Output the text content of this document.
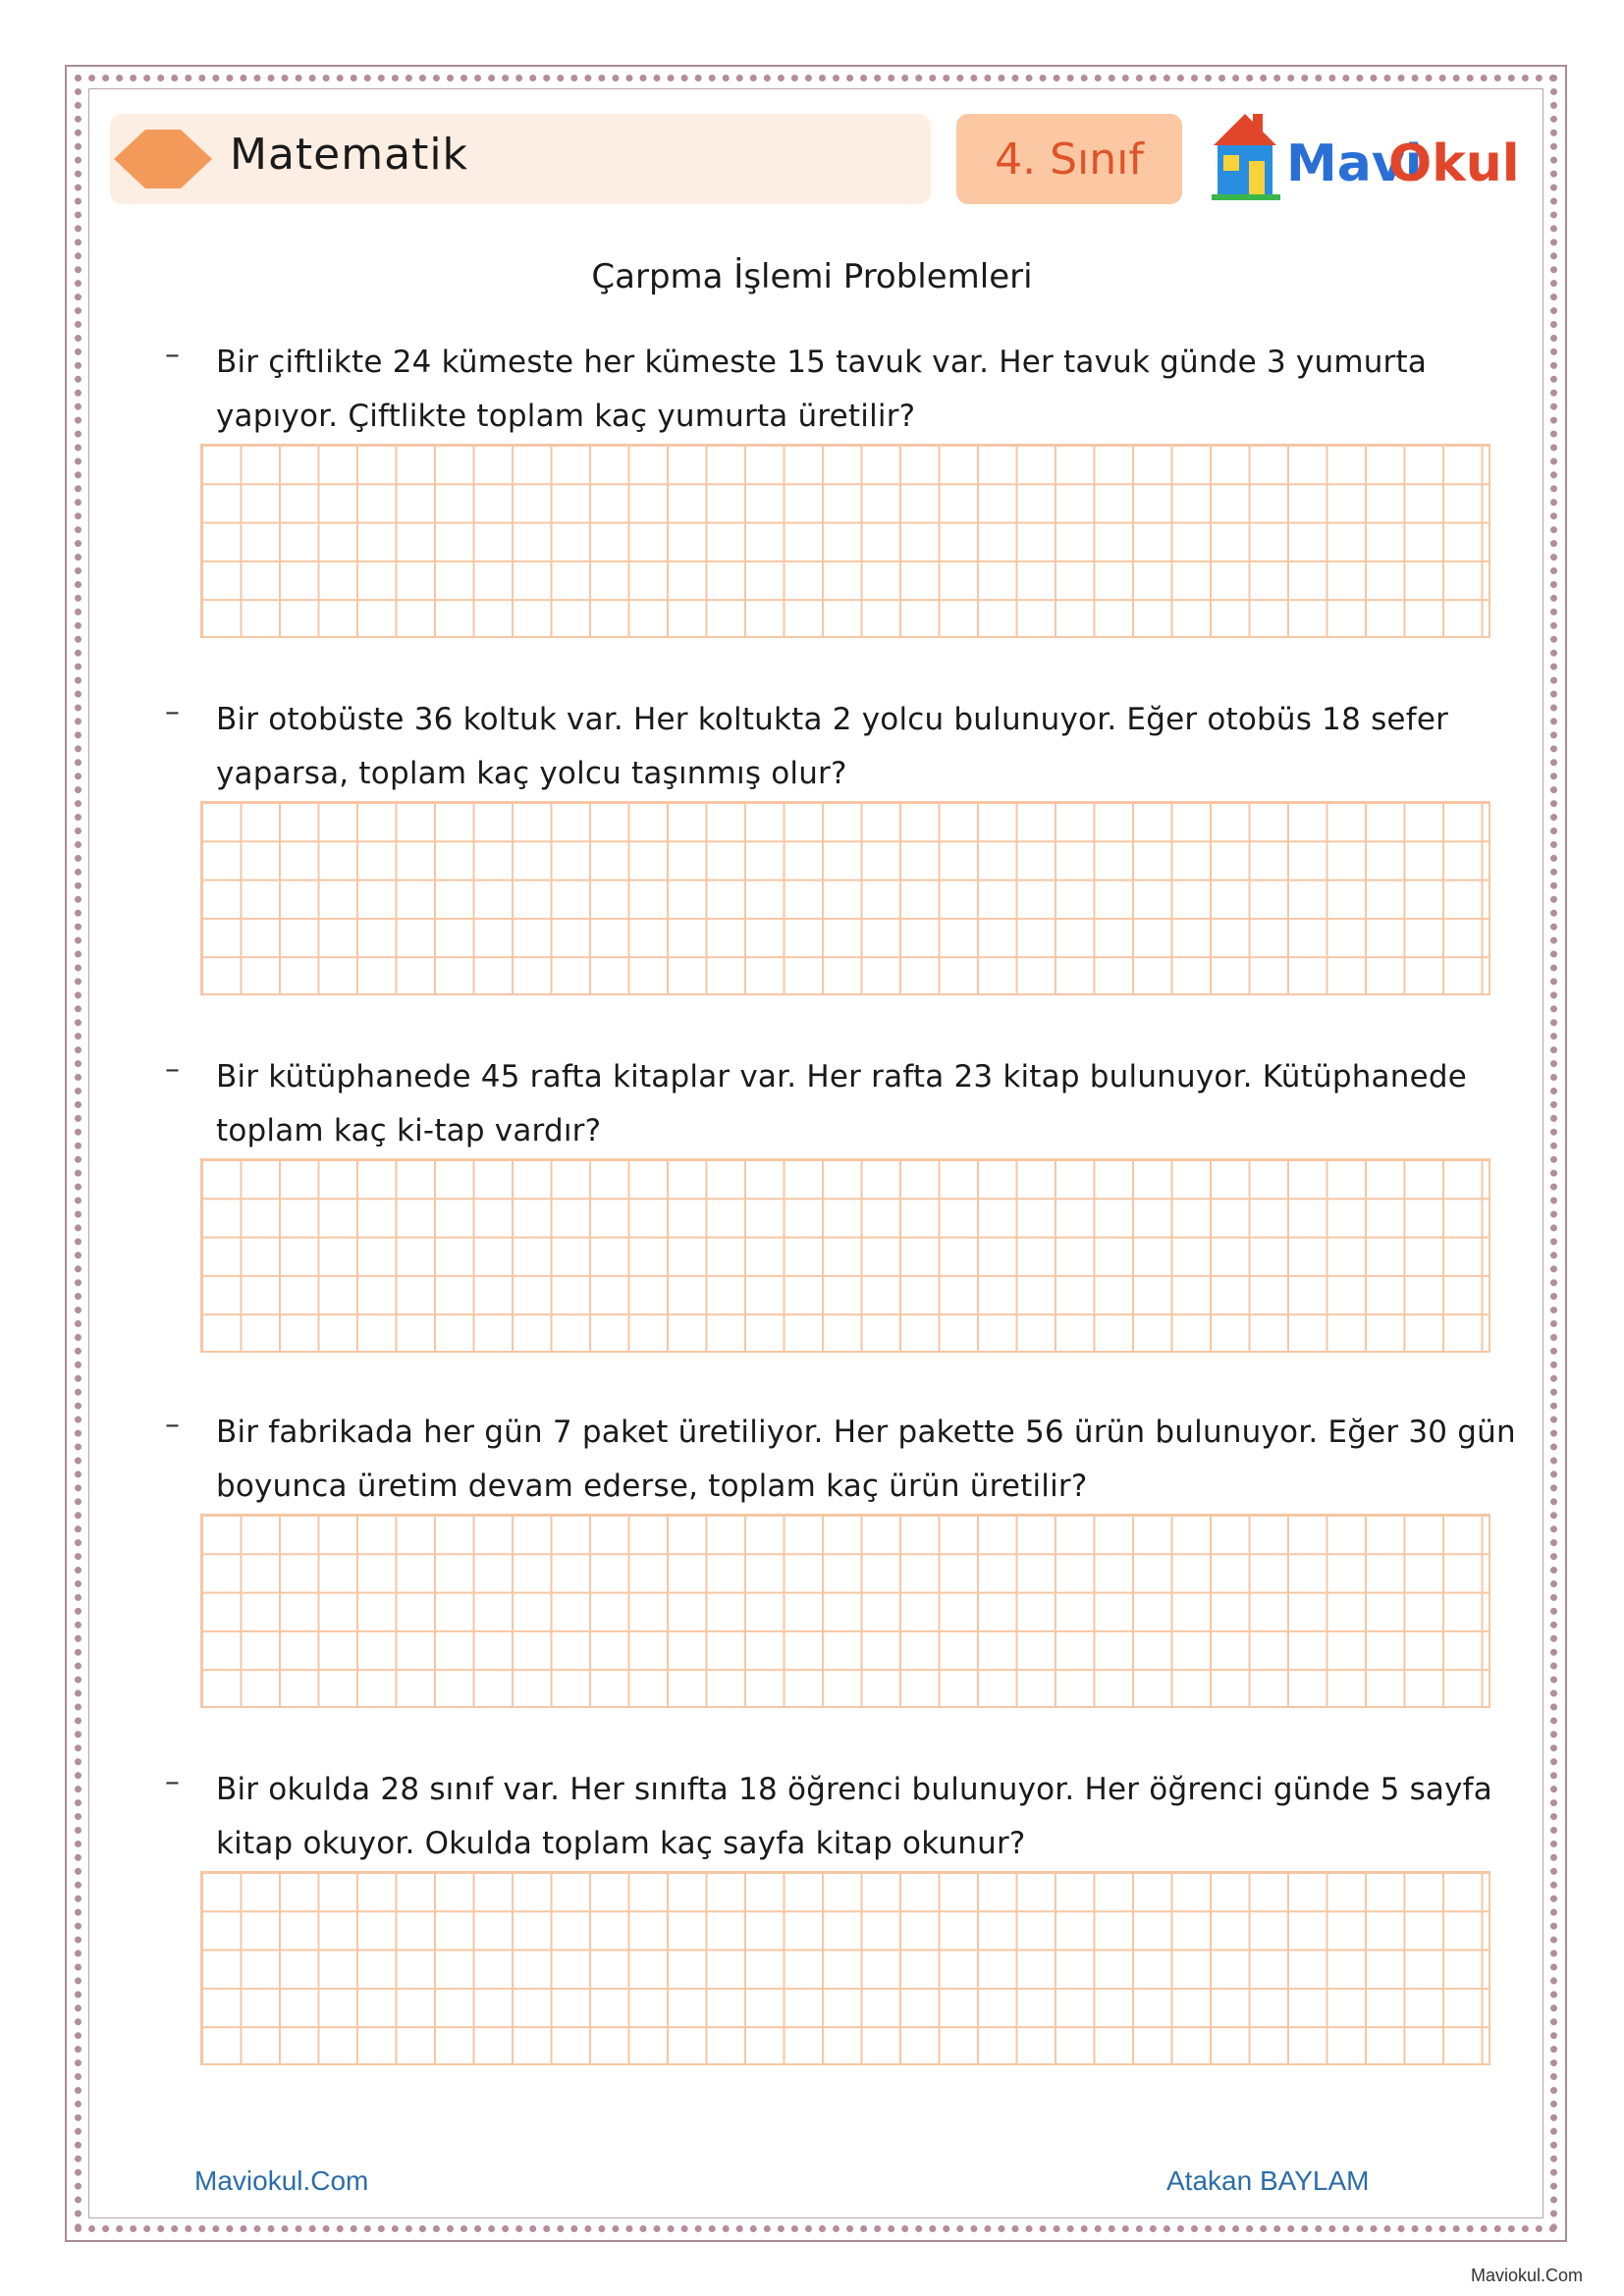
Matematik	4. Sınıf	Mavi
Okul
Çarpma İşlemi Problemleri
– Bir çiftlikte 24 kümeste her kümeste 15 tavuk var. Her tavuk günde 3 yumurta yapıyor. Çiftlikte toplam kaç yumurta üretilir?
– Bir otobüste 36 koltuk var. Her koltukta 2 yolcu bulunuyor. Eğer otobüs 18 sefer yaparsa, toplam kaç yolcu taşınmış olur?
– Bir kütüphanede 45 rafta kitaplar var. Her rafta 23 kitap bulunuyor. Kütüphanede toplam kaç ki-tap vardır?
– Bir fabrikada her gün 7 paket üretiliyor. Her pakette 56 ürün bulunuyor. Eğer 30 gün boyunca üretim devam ederse, toplam kaç ürün üretilir?
– Bir okulda 28 sınıf var. Her sınıfta 18 öğrenci bulunuyor. Her öğrenci günde 5 sayfa kitap okuyor. Okulda toplam kaç sayfa kitap okunur?
Maviokul.Com	Atakan BAYLAM
Maviokul.Com
